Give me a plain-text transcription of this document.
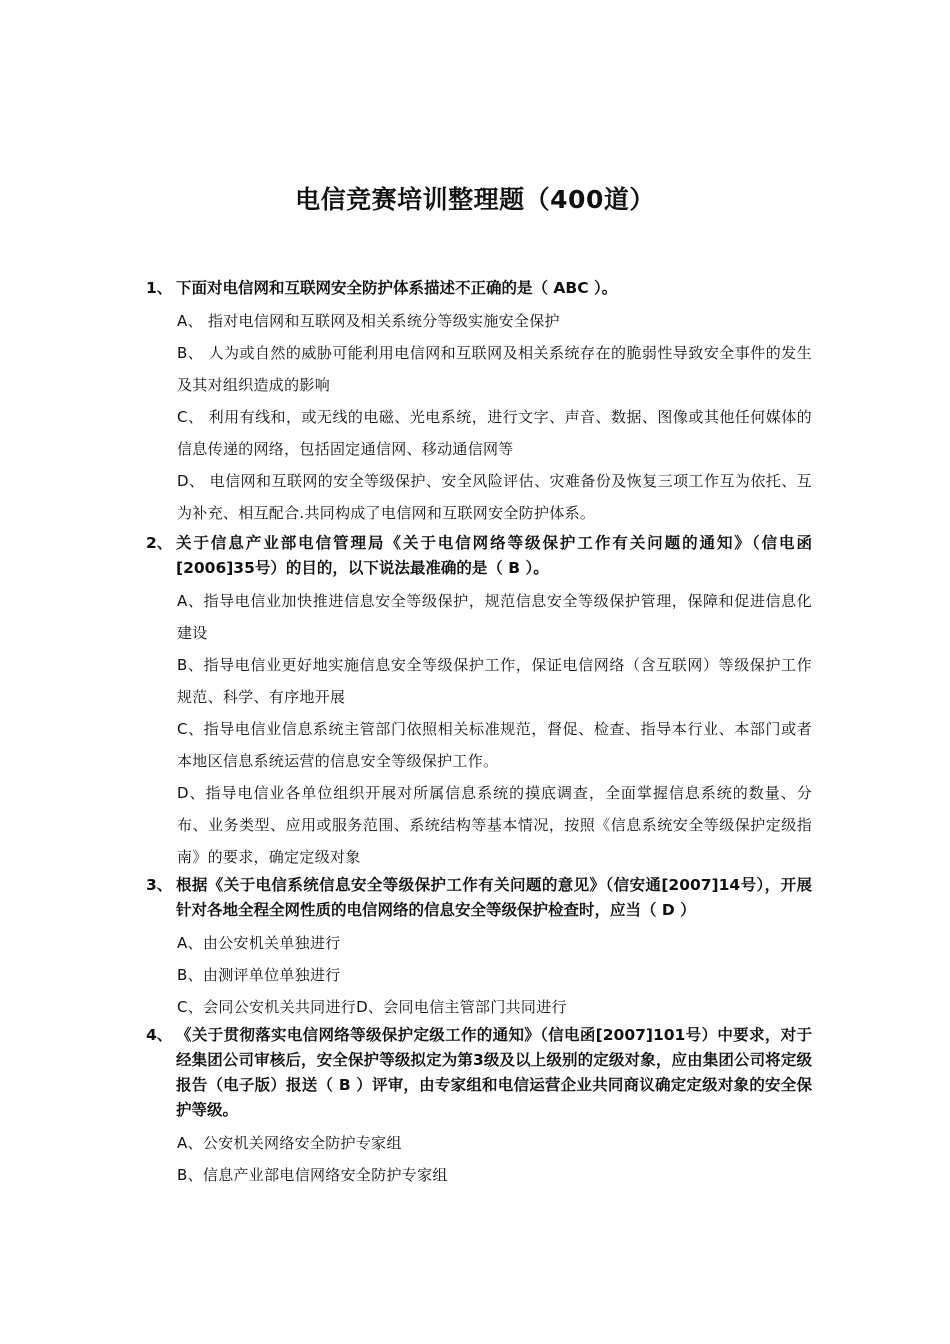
电信竞赛培训整理题（400道）
1、 下面对电信网和互联网安全防护体系描述不正确的是（ ABC ）。
A、 指对电信网和互联网及相关系统分等级实施安全保护
B、 人为或自然的威胁可能利用电信网和互联网及相关系统存在的脆弱性导致安全事件的发生及其对组织造成的影响
C、 利用有线和，或无线的电磁、光电系统，进行文字、声音、数据、图像或其他任何媒体的信息传递的网络，包括固定通信网、移动通信网等
D、 电信网和互联网的安全等级保护、安全风险评估、灾难备份及恢复三项工作互为依托、互为补充、相互配合.共同构成了电信网和互联网安全防护体系。
2、 关于信息产业部电信管理局《关于电信网络等级保护工作有关问题的通知》（信电函[2006]35号）的目的，以下说法最准确的是（ B ）。
A、指导电信业加快推进信息安全等级保护，规范信息安全等级保护管理，保障和促进信息化建设
B、指导电信业更好地实施信息安全等级保护工作，保证电信网络（含互联网）等级保护工作规范、科学、有序地开展
C、指导电信业信息系统主管部门依照相关标准规范，督促、检查、指导本行业、本部门或者本地区信息系统运营的信息安全等级保护工作。
D、指导电信业各单位组织开展对所属信息系统的摸底调查，全面掌握信息系统的数量、分布、业务类型、应用或服务范围、系统结构等基本情况，按照《信息系统安全等级保护定级指南》的要求，确定定级对象
3、 根据《关于电信系统信息安全等级保护工作有关问题的意见》（信安通[2007]14号），开展针对各地全程全网性质的电信网络的信息安全等级保护检查时，应当（ D ）
A、由公安机关单独进行
B、由测评单位单独进行
C、会同公安机关共同进行D、会同电信主管部门共同进行
4、 《关于贯彻落实电信网络等级保护定级工作的通知》（信电函[2007]101号）中要求，对于经集团公司审核后，安全保护等级拟定为第3级及以上级别的定级对象，应由集团公司将定级报告（电子版）报送（ B ）评审，由专家组和电信运营企业共同商议确定定级对象的安全保护等级。
A、公安机关网络安全防护专家组
B、信息产业部电信网络安全防护专家组
